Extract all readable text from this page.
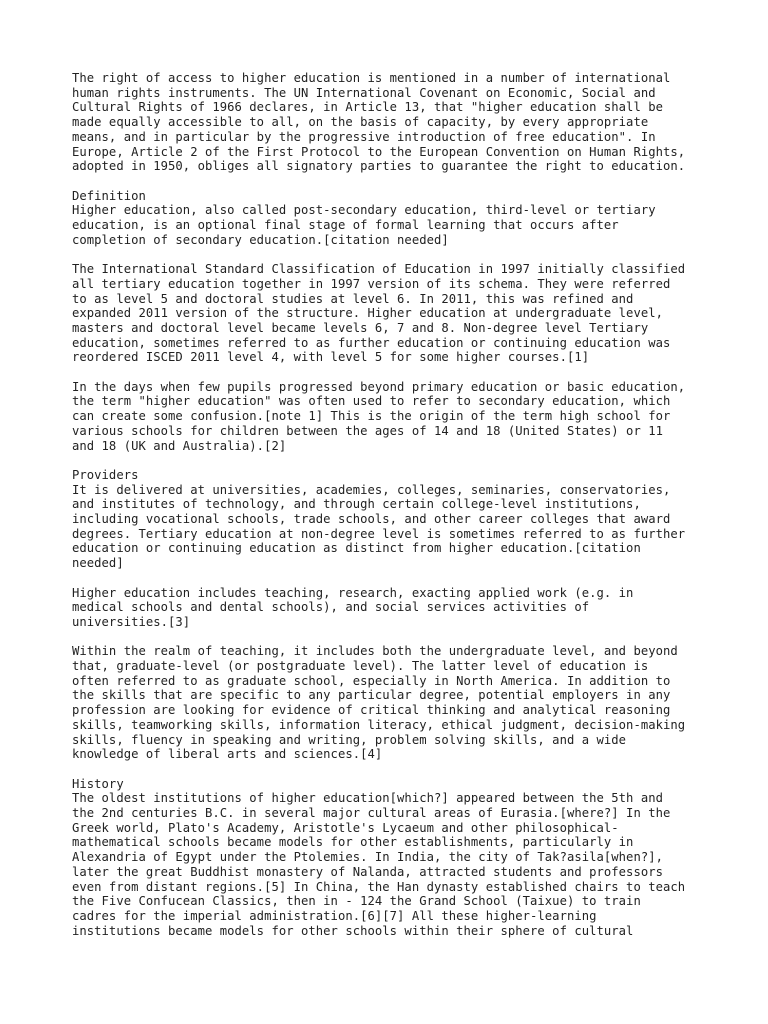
The right of access to higher education is mentioned in a number of international
human rights instruments. The UN International Covenant on Economic, Social and
Cultural Rights of 1966 declares, in Article 13, that "higher education shall be
made equally accessible to all, on the basis of capacity, by every appropriate
means, and in particular by the progressive introduction of free education". In
Europe, Article 2 of the First Protocol to the European Convention on Human Rights,
adopted in 1950, obliges all signatory parties to guarantee the right to education.

Definition

Higher education, also called post-secondary education, third-level or tertiary
education, is an optional final stage of formal learning that occurs after
completion of secondary education.[citation needed]

The International Standard Classification of Education in 1997 initially classified
all tertiary education together in 1997 version of its schema. They were referred
to as level 5 and doctoral studies at level 6. In 2011, this was refined and
expanded 2011 version of the structure. Higher education at undergraduate level,
masters and doctoral level became levels 6, 7 and 8. Non-degree level Tertiary
education, sometimes referred to as further education or continuing education was
reordered ISCED 2011 level 4, with level 5 for some higher courses.[1]

In the days when few pupils progressed beyond primary education or basic education,
the term "higher education" was often used to refer to secondary education, which
can create some confusion.[note 1] This is the origin of the term high school for
various schools for children between the ages of 14 and 18 (United States) or 11
and 18 (UK and Australia).[2]

Providers

It is delivered at universities, academies, colleges, seminaries, conservatories,
and institutes of technology, and through certain college-level institutions,
including vocational schools, trade schools, and other career colleges that award
degrees. Tertiary education at non-degree level is sometimes referred to as further
education or continuing education as distinct from higher education.[citation
needed]

Higher education includes teaching, research, exacting applied work (e.g. in
medical schools and dental schools), and social services activities of
universities.[3]

Within the realm of teaching, it includes both the undergraduate level, and beyond
that, graduate-level (or postgraduate level). The latter level of education is
often referred to as graduate school, especially in North America. In addition to
the skills that are specific to any particular degree, potential employers in any
profession are looking for evidence of critical thinking and analytical reasoning
skills, teamworking skills, information literacy, ethical judgment, decision-making
skills, fluency in speaking and writing, problem solving skills, and a wide
knowledge of liberal arts and sciences.[4]

History

The oldest institutions of higher education[which?] appeared between the 5th and
the 2nd centuries B.C. in several major cultural areas of Eurasia.[where?] In the
Greek world, Plato's Academy, Aristotle's Lycaeum and other philosophical-
mathematical schools became models for other establishments, particularly in
Alexandria of Egypt under the Ptolemies. In India, the city of Tak?asila[when?],
later the great Buddhist monastery of Nalanda, attracted students and professors
even from distant regions.[5] In China, the Han dynasty established chairs to teach
the Five Confucean Classics, then in - 124 the Grand School (Taixue) to train
cadres for the imperial administration.[6][7] All these higher-learning
institutions became models for other schools within their sphere of cultural
